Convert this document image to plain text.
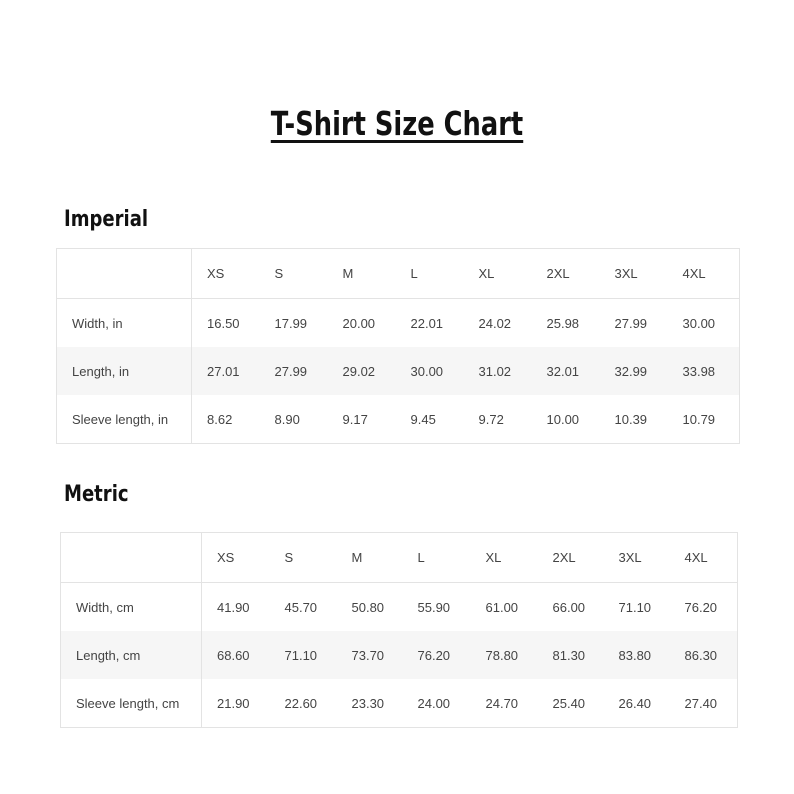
T-Shirt Size Chart
Imperial
	XS	S	M	L	XL	2XL	3XL	4XL
Width, in	16.50	17.99	20.00	22.01	24.02	25.98	27.99	30.00
Length, in	27.01	27.99	29.02	30.00	31.02	32.01	32.99	33.98
Sleeve length, in	8.62	8.90	9.17	9.45	9.72	10.00	10.39	10.79
Metric
	XS	S	M	L	XL	2XL	3XL	4XL
Width, cm	41.90	45.70	50.80	55.90	61.00	66.00	71.10	76.20
Length, cm	68.60	71.10	73.70	76.20	78.80	81.30	83.80	86.30
Sleeve length, cm	21.90	22.60	23.30	24.00	24.70	25.40	26.40	27.40
